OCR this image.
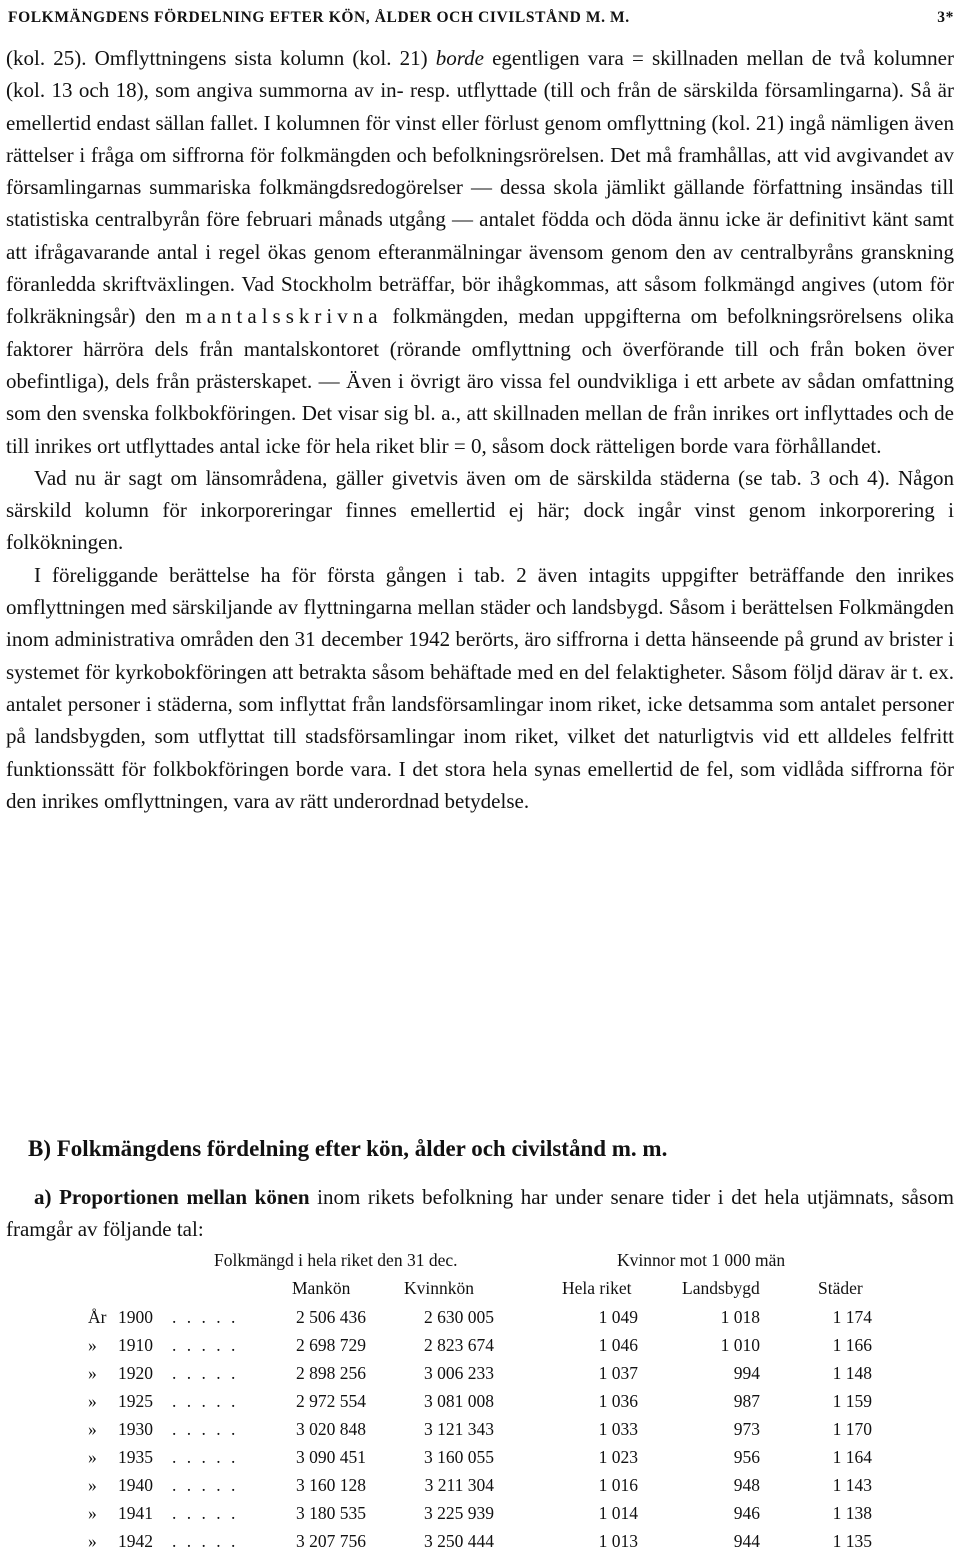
FOLKMÄNGDENS FÖRDELNING EFTER KÖN, ÅLDER OCH CIVILSTÅND M. M.	3*

(kol. 25). Omflyttningens sista kolumn (kol. 21) borde egentligen vara = skillnaden mellan de två kolumner (kol. 13 och 18), som angiva summorna av in- resp. utflyttade (till och från de särskilda församlingarna). Så är emellertid endast sällan fallet. I kolumnen för vinst eller förlust genom omflyttning (kol. 21) ingå nämligen även rättelser i fråga om siffrorna för folkmängden och befolkningsrörelsen. Det må framhållas, att vid avgivandet av församlingarnas summariska folkmängdsredogörelser — dessa skola jämlikt gällande författning insändas till statistiska centralbyrån före februari månads utgång — antalet födda och döda ännu icke är definitivt känt samt att ifrågavarande antal i regel ökas genom efteranmälningar ävensom genom den av centralbyråns granskning föranledda skriftväxlingen. Vad Stockholm beträffar, bör ihågkommas, att såsom folkmängd angives (utom för folkräkningsår) den mantalsskrivna folkmängden, medan uppgifterna om befolkningsrörelsens olika faktorer härröra dels från mantalskontoret (rörande omflyttning och överförande till och från boken över obefintliga), dels från prästerskapet. — Även i övrigt äro vissa fel oundvikliga i ett arbete av sådan omfattning som den svenska folkbokföringen. Det visar sig bl. a., att skillnaden mellan de från inrikes ort inflyttades och de till inrikes ort utflyttades antal icke för hela riket blir = 0, såsom dock rätteligen borde vara förhållandet.

Vad nu är sagt om länsområdena, gäller givetvis även om de särskilda städerna (se tab. 3 och 4). Någon särskild kolumn för inkorporeringar finnes emellertid ej här; dock ingår vinst genom inkorporering i folkökningen.

I föreliggande berättelse ha för första gången i tab. 2 även intagits uppgifter beträffande den inrikes omflyttningen med särskiljande av flyttningarna mellan städer och landsbygd. Såsom i berättelsen Folkmängden inom administrativa områden den 31 december 1942 berörts, äro siffrorna i detta hänseende på grund av brister i systemet för kyrkobokföringen att betrakta såsom behäftade med en del felaktigheter. Såsom följd därav är t. ex. antalet personer i städerna, som inflyttat från landsförsamlingar inom riket, icke detsamma som antalet personer på landsbygden, som utflyttat till stadsförsamlingar inom riket, vilket det naturligtvis vid ett alldeles felfritt funktionssätt för folkbokföringen borde vara. I det stora hela synas emellertid de fel, som vidlåda siffrorna för den inrikes omflyttningen, vara av rätt underordnad betydelse.

B) Folkmängdens fördelning efter kön, ålder och civilstånd m. m.

a) Proportionen mellan könen inom rikets befolkning har under senare tider i det hela utjämnats, såsom framgår av följande tal:

Folkmängd i hela riket den 31 dec.	Kvinnor mot 1 000 män
Mankön	Kvinnkön	Hela riket	Landsbygd	Städer
År 1900 . . . . .	2 506 436	2 630 005	1 049	1 018	1 174
» 1910 . . . . .	2 698 729	2 823 674	1 046	1 010	1 166
» 1920 . . . . .	2 898 256	3 006 233	1 037	994	1 148
» 1925 . . . . .	2 972 554	3 081 008	1 036	987	1 159
» 1930 . . . . .	3 020 848	3 121 343	1 033	973	1 170
» 1935 . . . . .	3 090 451	3 160 055	1 023	956	1 164
» 1940 . . . . .	3 160 128	3 211 304	1 016	948	1 143
» 1941 . . . . .	3 180 535	3 225 939	1 014	946	1 138
» 1942 . . . . .	3 207 756	3 250 444	1 013	944	1 135
